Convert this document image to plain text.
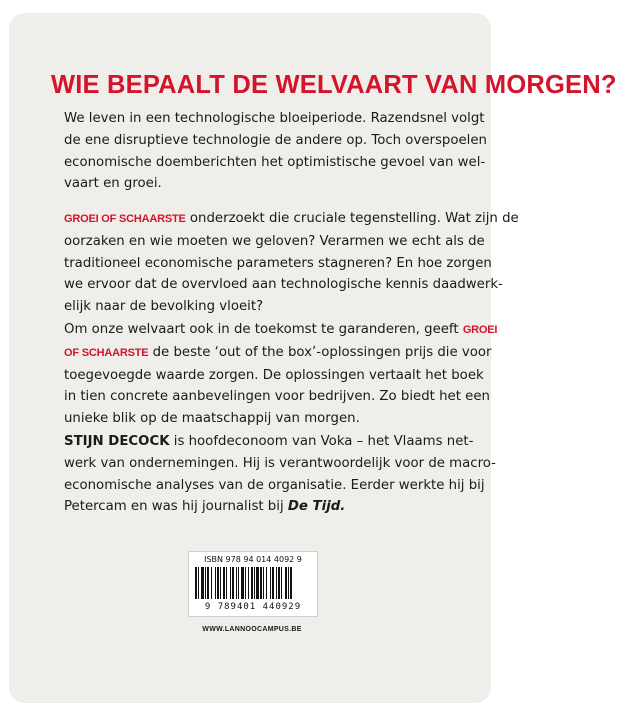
WIE BEPAALT DE WELVAART VAN MORGEN?
We leven in een technologische bloeiperiode. Razendsnel volgt
de ene disruptieve technologie de andere op. Toch overspoelen
economische doemberichten het optimistische gevoel van wel-
vaart en groei.
GROEI OF SCHAARSTE onderzoekt die cruciale tegenstelling. Wat zijn de
oorzaken en wie moeten we geloven? Verarmen we echt als de
traditioneel economische parameters stagneren? En hoe zorgen
we ervoor dat de overvloed aan technologische kennis daadwerk-
elijk naar de bevolking vloeit?
Om onze welvaart ook in de toekomst te garanderen, geeft GROEI
OF SCHAARSTE de beste ‘out of the box’-oplossingen prijs die voor
toegevoegde waarde zorgen. De oplossingen vertaalt het boek
in tien concrete aanbevelingen voor bedrijven. Zo biedt het een
unieke blik op de maatschappij van morgen.
STIJN DECOCK is hoofdeconoom van Voka – het Vlaams net-
werk van ondernemingen. Hij is verantwoordelijk voor de macro-
economische analyses van de organisatie. Eerder werkte hij bij
Petercam en was hij journalist bij De Tijd.
ISBN 978 94 014 4092 9
9 789401 440929
WWW.LANNOOCAMPUS.BE
